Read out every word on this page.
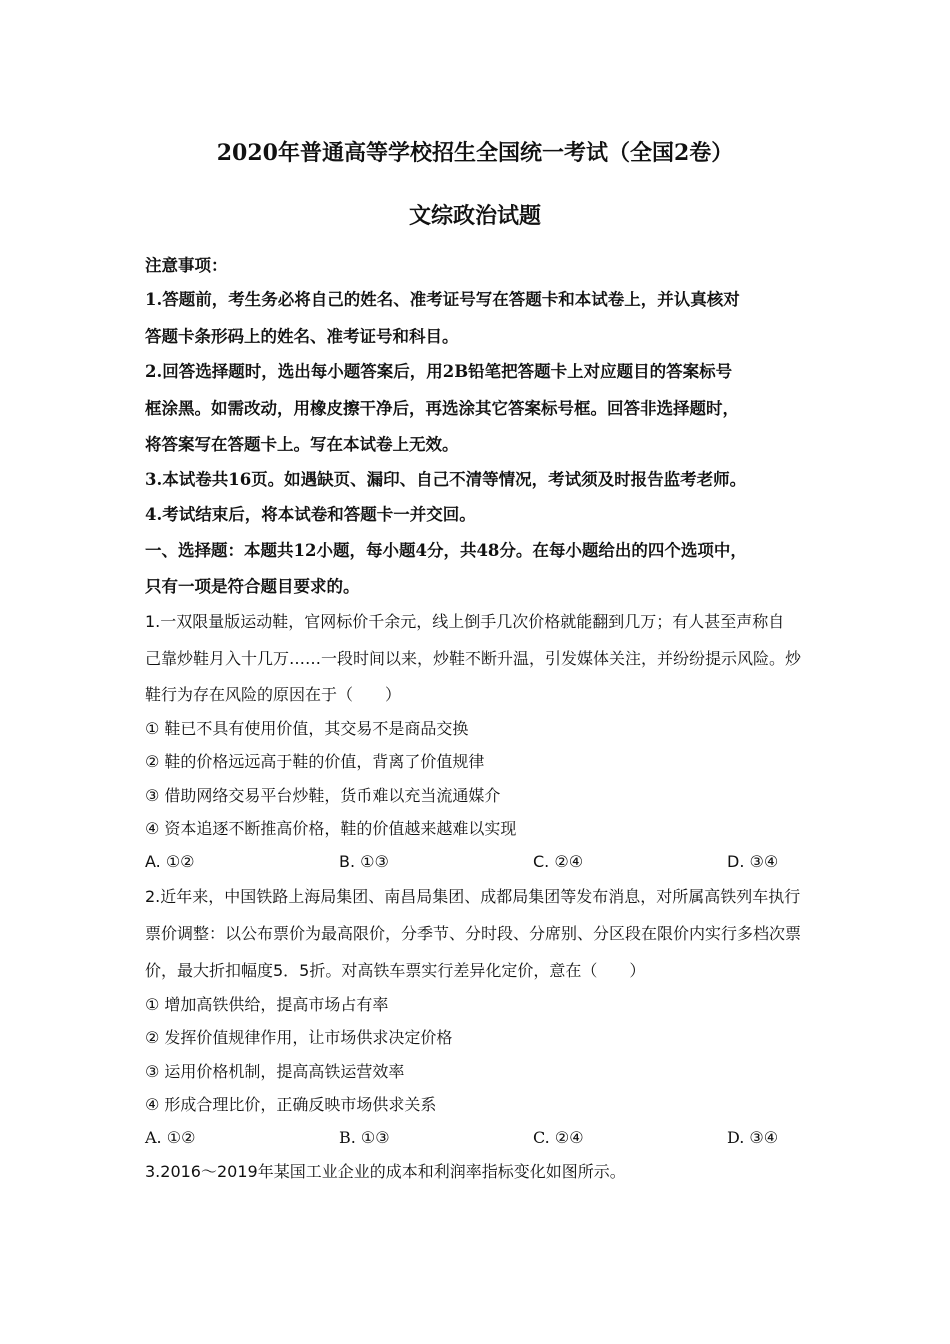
2020年普通高等学校招生全国统一考试（全国2卷）
文综政治试题
注意事项：
1.答题前，考生务必将自己的姓名、准考证号写在答题卡和本试卷上，并认真核对
答题卡条形码上的姓名、准考证号和科目。
2.回答选择题时，选出每小题答案后，用2B铅笔把答题卡上对应题目的答案标号
框涂黑。如需改动，用橡皮擦干净后，再选涂其它答案标号框。回答非选择题时，
将答案写在答题卡上。写在本试卷上无效。
3.本试卷共16页。如遇缺页、漏印、自己不清等情况，考试须及时报告监考老师。
4.考试结束后，将本试卷和答题卡一并交回。
一、选择题：本题共12小题，每小题4分，共48分。在每小题给出的四个选项中，
只有一项是符合题目要求的。
1.一双限量版运动鞋，官网标价千余元，线上倒手几次价格就能翻到几万；有人甚至声称自
己靠炒鞋月入十几万……一段时间以来，炒鞋不断升温，引发媒体关注，并纷纷提示风险。炒
鞋行为存在风险的原因在于（　　）
① 鞋已不具有使用价值，其交易不是商品交换
② 鞋的价格远远高于鞋的价值，背离了价值规律
③ 借助网络交易平台炒鞋，货币难以充当流通媒介
④ 资本追逐不断推高价格，鞋的价值越来越难以实现
A. ①②	B. ①③	C. ②④	D. ③④
2.近年来，中国铁路上海局集团、南昌局集团、成都局集团等发布消息，对所属高铁列车执行
票价调整：以公布票价为最高限价，分季节、分时段、分席别、分区段在限价内实行多档次票
价，最大折扣幅度5．5折。对高铁车票实行差异化定价，意在（　　）
① 增加高铁供给，提高市场占有率
② 发挥价值规律作用，让市场供求决定价格
③ 运用价格机制，提高高铁运营效率
④ 形成合理比价，正确反映市场供求关系
A. ①②	B. ①③	C. ②④	D. ③④
3.2016～2019年某国工业企业的成本和利润率指标变化如图所示。
